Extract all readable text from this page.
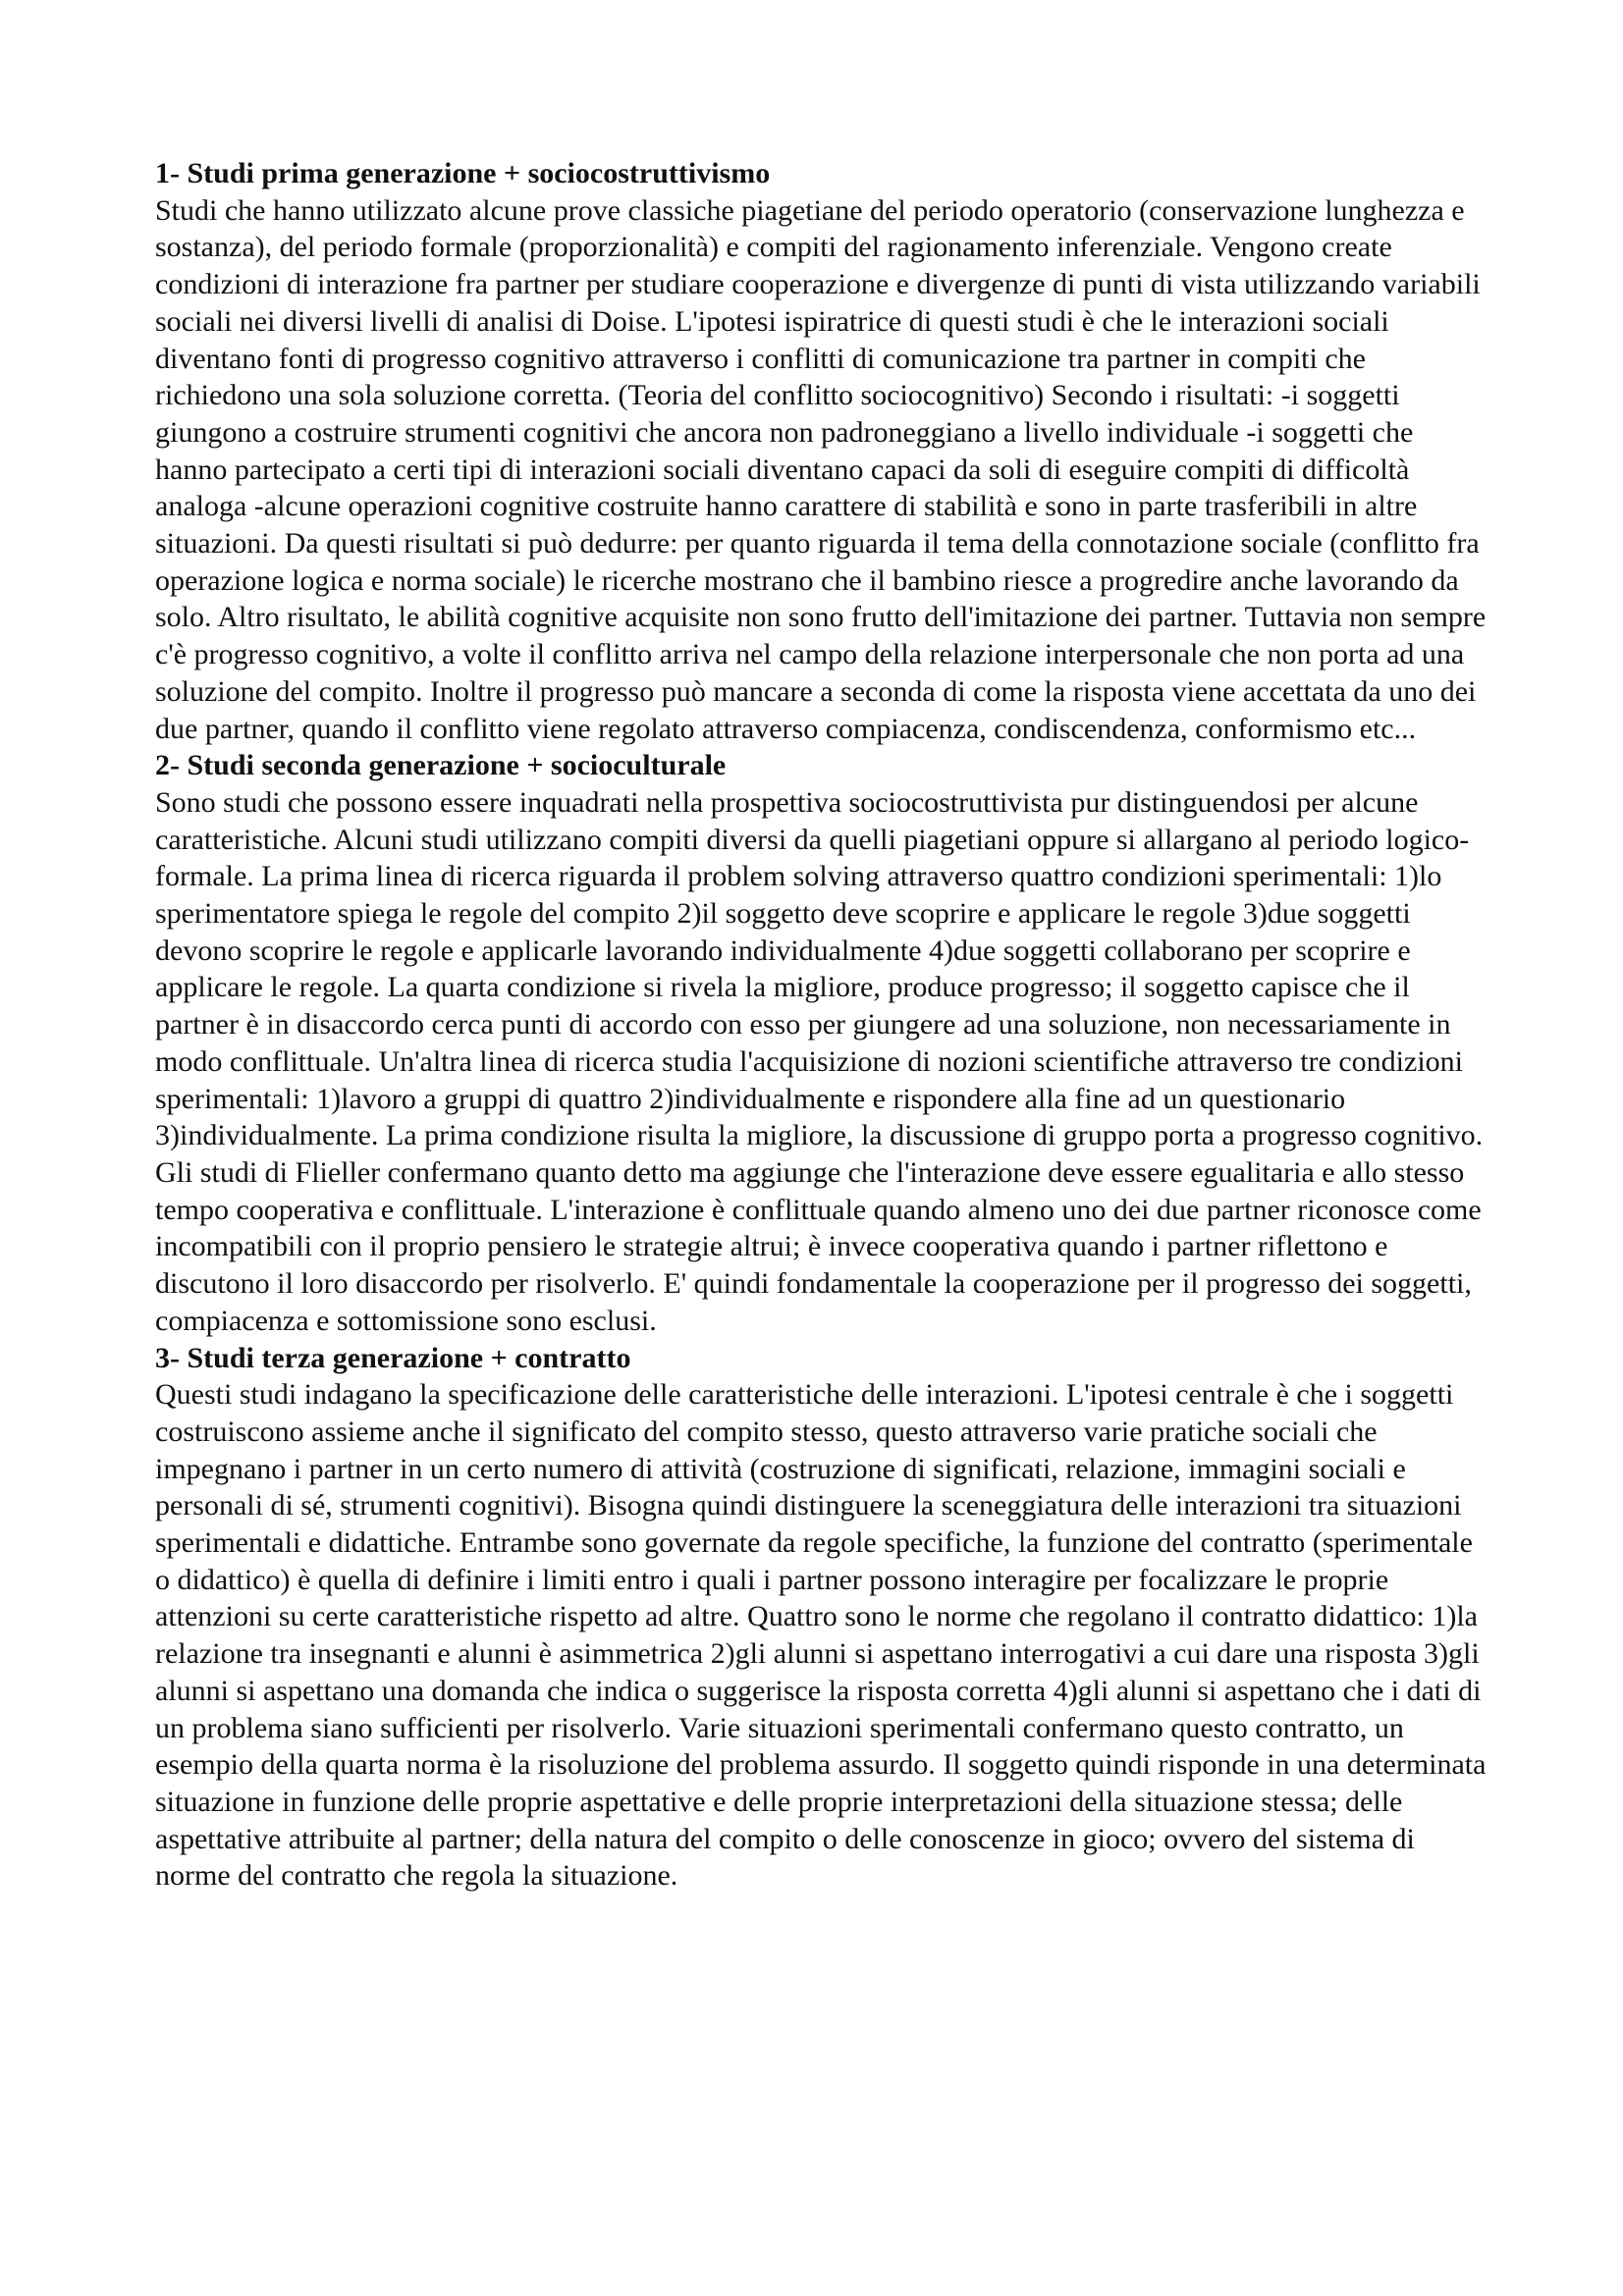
1- Studi prima generazione + sociocostruttivismo

Studi che hanno utilizzato alcune prove classiche piagetiane del periodo operatorio (conservazione lunghezza e sostanza), del periodo formale (proporzionalità) e compiti del ragionamento inferenziale. Vengono create condizioni di interazione fra partner per studiare cooperazione e divergenze di punti di vista utilizzando variabili sociali nei diversi livelli di analisi di Doise. L'ipotesi ispiratrice di questi studi è che le interazioni sociali diventano fonti di progresso cognitivo attraverso i conflitti di comunicazione tra partner in compiti che richiedono una sola soluzione corretta. (Teoria del conflitto sociocognitivo) Secondo i risultati: -i soggetti giungono a costruire strumenti cognitivi che ancora non padroneggiano a livello individuale -i soggetti che hanno partecipato a certi tipi di interazioni sociali diventano capaci da soli di eseguire compiti di difficoltà analoga -alcune operazioni cognitive costruite hanno carattere di stabilità e sono in parte trasferibili in altre situazioni. Da questi risultati si può dedurre: per quanto riguarda il tema della connotazione sociale (conflitto fra operazione logica e norma sociale) le ricerche mostrano che il bambino riesce a progredire anche lavorando da solo. Altro risultato, le abilità cognitive acquisite non sono frutto dell'imitazione dei partner. Tuttavia non sempre c'è progresso cognitivo, a volte il conflitto arriva nel campo della relazione interpersonale che non porta ad una soluzione del compito. Inoltre il progresso può mancare a seconda di come la risposta viene accettata da uno dei due partner, quando il conflitto viene regolato attraverso compiacenza, condiscendenza, conformismo etc...

2- Studi seconda generazione + socioculturale

Sono studi che possono essere inquadrati nella prospettiva sociocostruttivista pur distinguendosi per alcune caratteristiche. Alcuni studi utilizzano compiti diversi da quelli piagetiani oppure si allargano al periodo logico-formale. La prima linea di ricerca riguarda il problem solving attraverso quattro condizioni sperimentali: 1)lo sperimentatore spiega le regole del compito 2)il soggetto deve scoprire e applicare le regole 3)due soggetti devono scoprire le regole e applicarle lavorando individualmente 4)due soggetti collaborano per scoprire e applicare le regole. La quarta condizione si rivela la migliore, produce progresso; il soggetto capisce che il partner è in disaccordo cerca punti di accordo con esso per giungere ad una soluzione, non necessariamente in modo conflittuale. Un'altra linea di ricerca studia l'acquisizione di nozioni scientifiche attraverso tre condizioni sperimentali: 1)lavoro a gruppi di quattro 2)individualmente e rispondere alla fine ad un questionario 3)individualmente. La prima condizione risulta la migliore, la discussione di gruppo porta a progresso cognitivo. Gli studi di Flieller confermano quanto detto ma aggiunge che l'interazione deve essere egualitaria e allo stesso tempo cooperativa e conflittuale. L'interazione è conflittuale quando almeno uno dei due partner riconosce come incompatibili con il proprio pensiero le strategie altrui; è invece cooperativa quando i partner riflettono e discutono il loro disaccordo per risolverlo. E' quindi fondamentale la cooperazione per il progresso dei soggetti, compiacenza e sottomissione sono esclusi.

3- Studi terza generazione + contratto

Questi studi indagano la specificazione delle caratteristiche delle interazioni. L'ipotesi centrale è che i soggetti costruiscono assieme anche il significato del compito stesso, questo attraverso varie pratiche sociali che impegnano i partner in un certo numero di attività (costruzione di significati, relazione, immagini sociali e personali di sé, strumenti cognitivi). Bisogna quindi distinguere la sceneggiatura delle interazioni tra situazioni sperimentali e didattiche. Entrambe sono governate da regole specifiche, la funzione del contratto (sperimentale o didattico) è quella di definire i limiti entro i quali i partner possono interagire per focalizzare le proprie attenzioni su certe caratteristiche rispetto ad altre. Quattro sono le norme che regolano il contratto didattico: 1)la relazione tra insegnanti e alunni è asimmetrica 2)gli alunni si aspettano interrogativi a cui dare una risposta 3)gli alunni si aspettano una domanda che indica o suggerisce la risposta corretta 4)gli alunni si aspettano che i dati di un problema siano sufficienti per risolverlo. Varie situazioni sperimentali confermano questo contratto, un esempio della quarta norma è la risoluzione del problema assurdo. Il soggetto quindi risponde in una determinata situazione in funzione delle proprie aspettative e delle proprie interpretazioni della situazione stessa; delle aspettative attribuite al partner; della natura del compito o delle conoscenze in gioco; ovvero del sistema di norme del contratto che regola la situazione.
